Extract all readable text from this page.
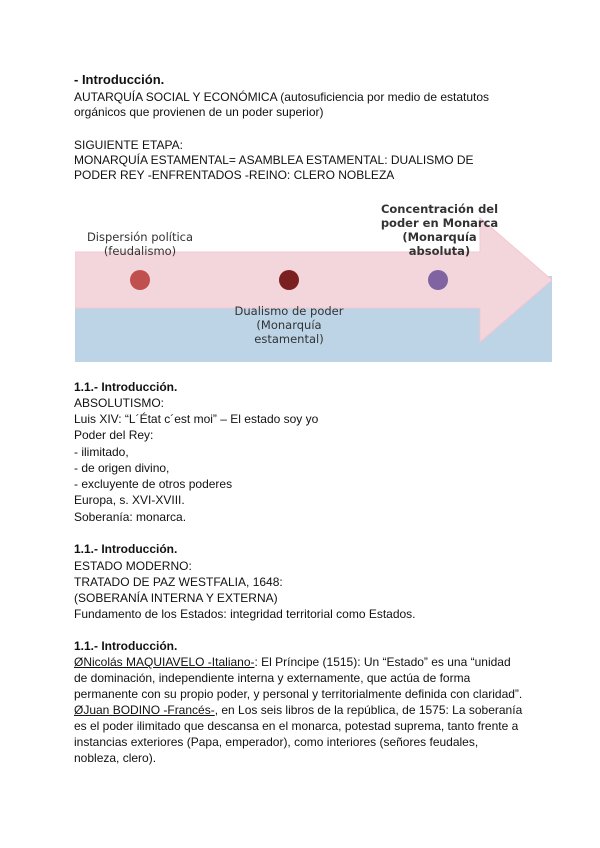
- Introducción.
AUTARQUÍA SOCIAL Y ECONÓMICA (autosuficiencia por medio de estatutos
orgánicos que provienen de un poder superior)
SIGUIENTE ETAPA:
MONARQUÍA ESTAMENTAL= ASAMBLEA ESTAMENTAL: DUALISMO DE
PODER REY -ENFRENTADOS -REINO: CLERO NOBLEZA
Dispersión política
(feudalismo)
Dualismo de poder
(Monarquía
estamental)
Concentración del
poder en Monarca
(Monarquía
absoluta)
1.1.- Introducción.
ABSOLUTISMO:
Luis XIV: “L´État c´est moi” – El estado soy yo
Poder del Rey:
- ilimitado,
- de origen divino,
- excluyente de otros poderes
Europa, s. XVI-XVIII.
Soberanía: monarca.
1.1.- Introducción.
ESTADO MODERNO:
TRATADO DE PAZ WESTFALIA, 1648:
(SOBERANÍA INTERNA Y EXTERNA)
Fundamento de los Estados: integridad territorial como Estados.
1.1.- Introducción.
ØNicolás MAQUIAVELO -Italiano-: El Príncipe (1515): Un “Estado” es una “unidad
de dominación, independiente interna y externamente, que actúa de forma
permanente con su propio poder, y personal y territorialmente definida con claridad”.
ØJuan BODINO -Francés-, en Los seis libros de la república, de 1575: La soberanía
es el poder ilimitado que descansa en el monarca, potestad suprema, tanto frente a
instancias exteriores (Papa, emperador), como interiores (señores feudales,
nobleza, clero).
